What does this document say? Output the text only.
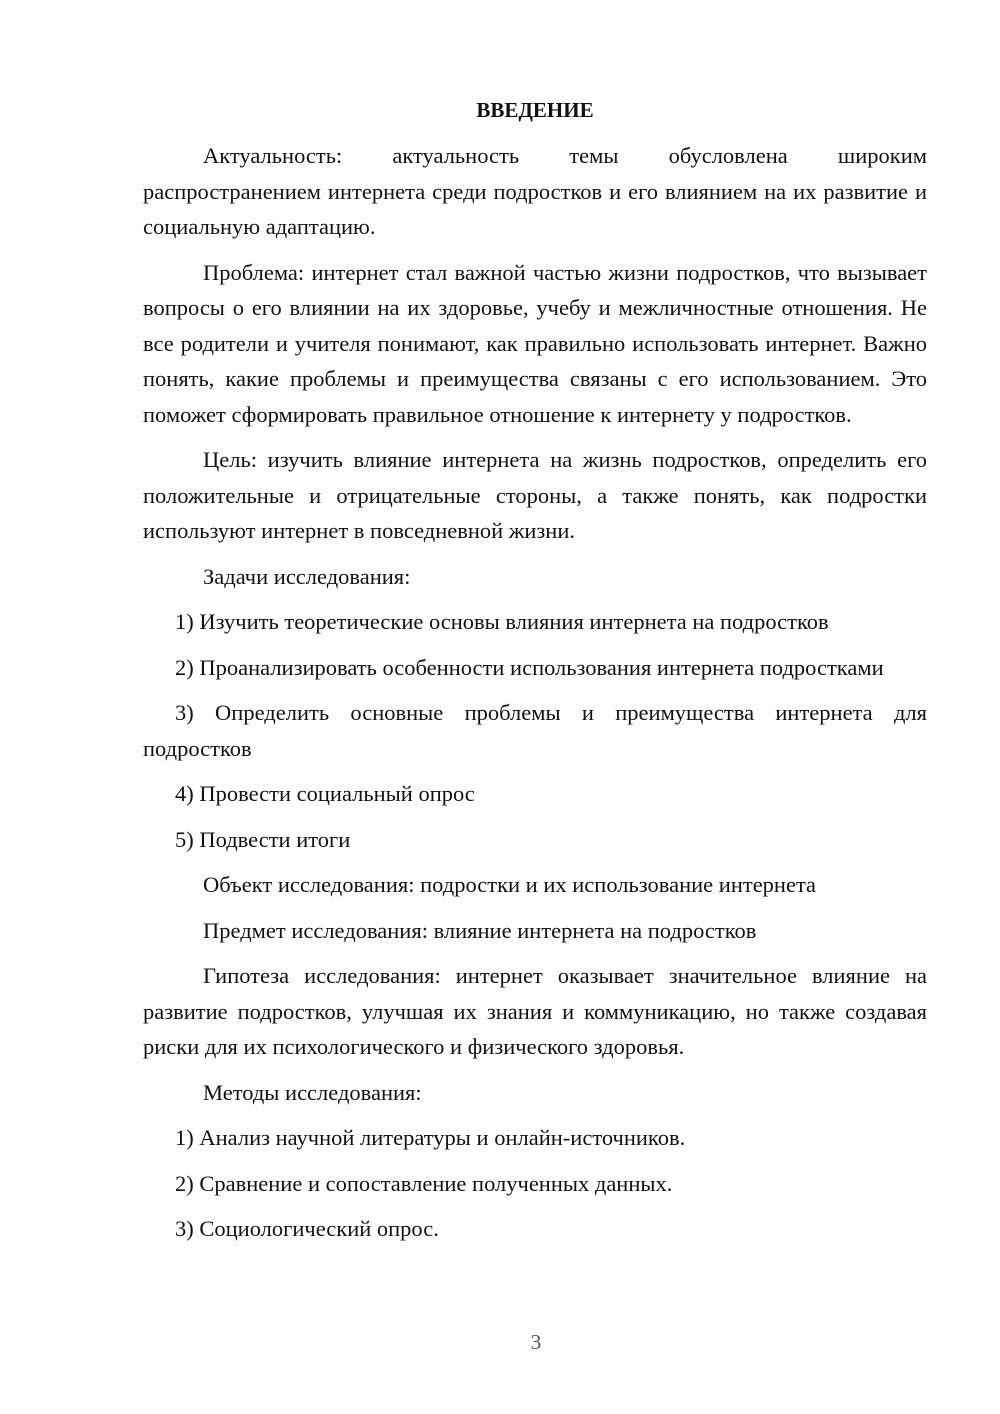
ВВЕДЕНИЕ

Актуальность: актуальность темы обусловлена широким распространением интернета среди подростков и его влиянием на их развитие и социальную адаптацию.

Проблема: интернет стал важной частью жизни подростков, что вызывает вопросы о его влиянии на их здоровье, учебу и межличностные отношения. Не все родители и учителя понимают, как правильно использовать интернет. Важно понять, какие проблемы и преимущества связаны с его использованием. Это поможет сформировать правильное отношение к интернету у подростков.

Цель: изучить влияние интернета на жизнь подростков, определить его положительные и отрицательные стороны, а также понять, как подростки используют интернет в повседневной жизни.

Задачи исследования:

1) Изучить теоретические основы влияния интернета на подростков

2) Проанализировать особенности использования интернета подростками

3) Определить основные проблемы и преимущества интернета для подростков

4) Провести социальный опрос

5) Подвести итоги

Объект исследования: подростки и их использование интернета

Предмет исследования: влияние интернета на подростков

Гипотеза исследования: интернет оказывает значительное влияние на развитие подростков, улучшая их знания и коммуникацию, но также создавая риски для их психологического и физического здоровья.

Методы исследования:

1) Анализ научной литературы и онлайн-источников.

2) Сравнение и сопоставление полученных данных.

3) Социологический опрос.

3
